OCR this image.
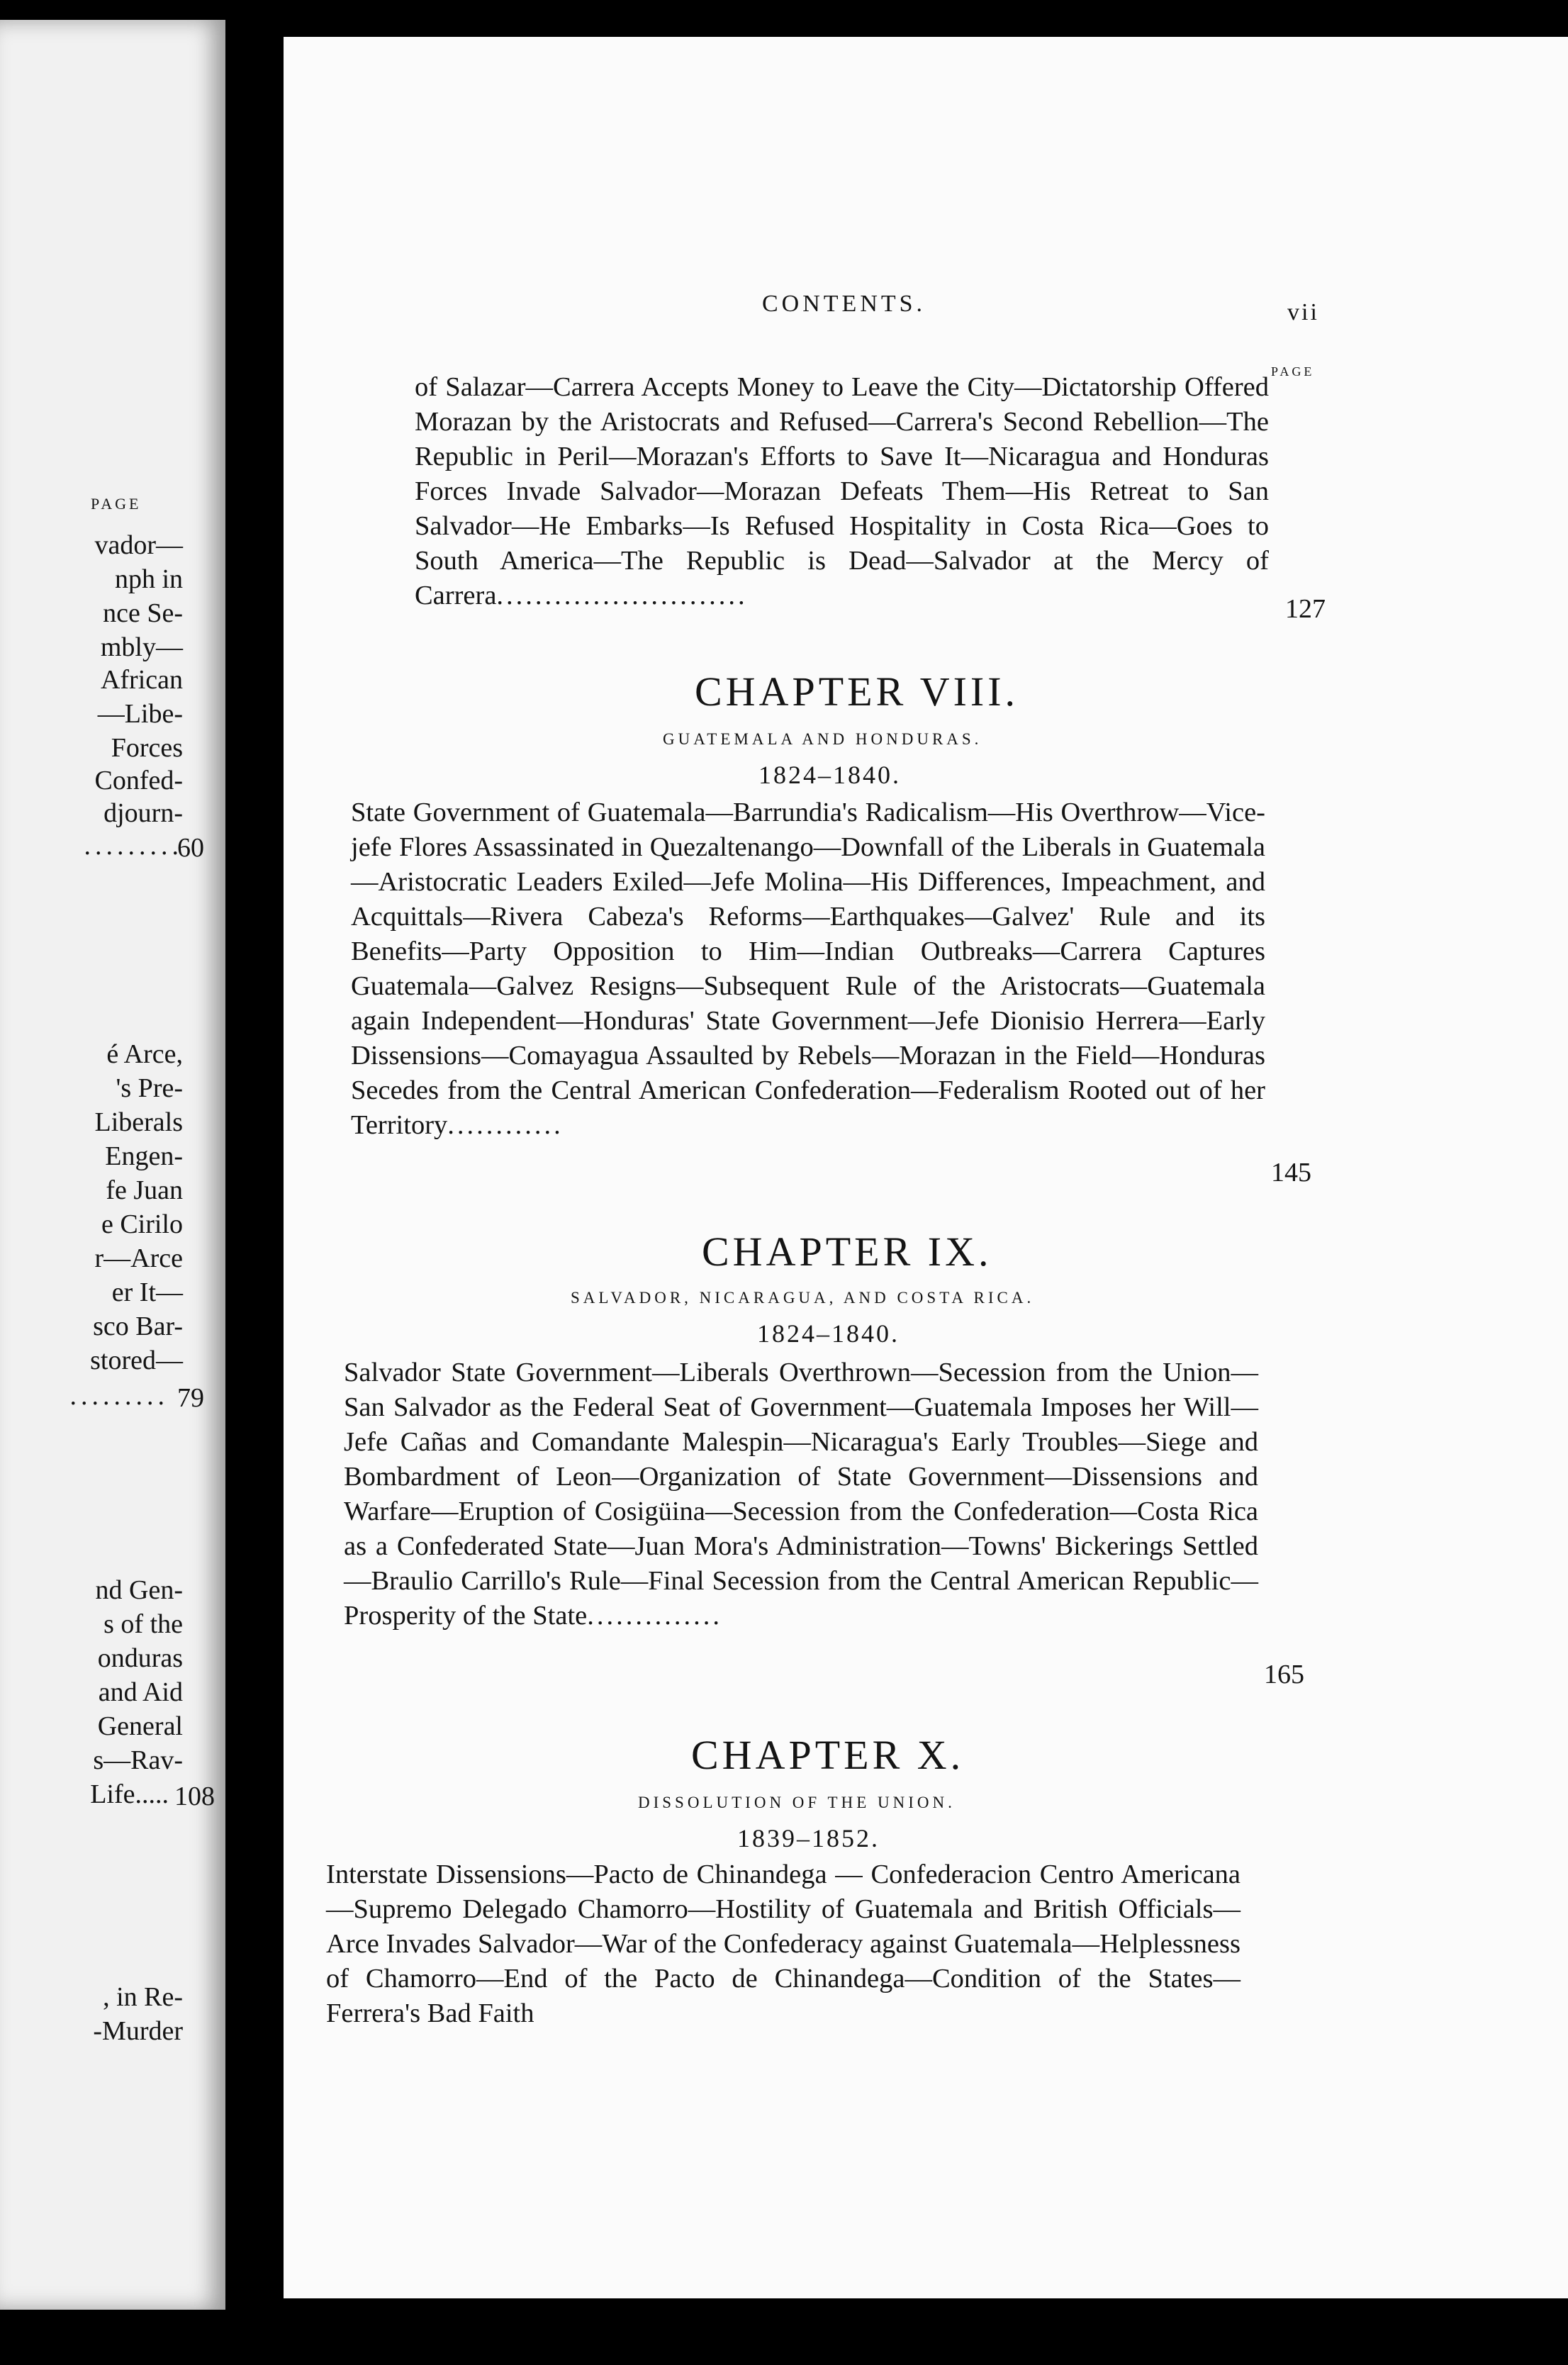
PAGE
vador—
nph in
nce Se-
mbly—
African
—Libe-
Forces
Confed-
djourn-
.........
60
é Arce,
's Pre-
Liberals
Engen-
fe Juan
e Cirilo
r—Arce
er It—
sco Bar-
stored—
......... 79
nd Gen-
s of the
onduras
and Aid
General
s—Rav-
Life..... 108
, in Re-
-Murder
CONTENTS.	vii
PAGE
of Salazar—Carrera Accepts Money to Leave the City—Dictatorship Offered Morazan by the Aristocrats and Refused—Carrera's Second Rebellion—The Republic in Peril—Morazan's Efforts to Save It—Nicaragua and Honduras Forces Invade Salvador—Morazan Defeats Them—His Retreat to San Salvador—He Embarks—Is Refused Hospitality in Costa Rica—Goes to South America—The Republic is Dead—Salvador at the Mercy of Carrera..........................	127
CHAPTER VIII.
GUATEMALA AND HONDURAS.
1824–1840.
State Government of Guatemala—Barrundia's Radicalism—His Overthrow—Vice-jefe Flores Assassinated in Quezaltenango—Downfall of the Liberals in Guatemala—Aristocratic Leaders Exiled—Jefe Molina—His Differences, Impeachment, and Acquittals—Rivera Cabeza's Reforms—Earthquakes—Galvez' Rule and its Benefits—Party Opposition to Him—Indian Outbreaks—Carrera Captures Guatemala—Galvez Resigns—Subsequent Rule of the Aristocrats—Guatemala again Independent—Honduras' State Government—Jefe Dionisio Herrera—Early Dissensions—Comayagua Assaulted by Rebels—Morazan in the Field—Honduras Secedes from the Central American Confederation—Federalism Rooted out of her Territory............
145
CHAPTER IX.
SALVADOR, NICARAGUA, AND COSTA RICA.
1824–1840.
Salvador State Government—Liberals Overthrown—Secession from the Union—San Salvador as the Federal Seat of Government—Guatemala Imposes her Will—Jefe Cañas and Comandante Malespin—Nicaragua's Early Troubles—Siege and Bombardment of Leon—Organization of State Government—Dissensions and Warfare—Eruption of Cosigüina—Secession from the Confederation—Costa Rica as a Confederated State—Juan Mora's Administration—Towns' Bickerings Settled—Braulio Carrillo's Rule—Final Secession from the Central American Republic—Prosperity of the State..............
165
CHAPTER X.
DISSOLUTION OF THE UNION.
1839–1852.
Interstate Dissensions—Pacto de Chinandega — Confederacion Centro Americana—Supremo Delegado Chamorro—Hostility of Guatemala and British Officials—Arce Invades Salvador—War of the Confederacy against Guatemala—Helplessness of Chamorro—End of the Pacto de Chinandega—Condition of the States—Ferrera's Bad Faith
